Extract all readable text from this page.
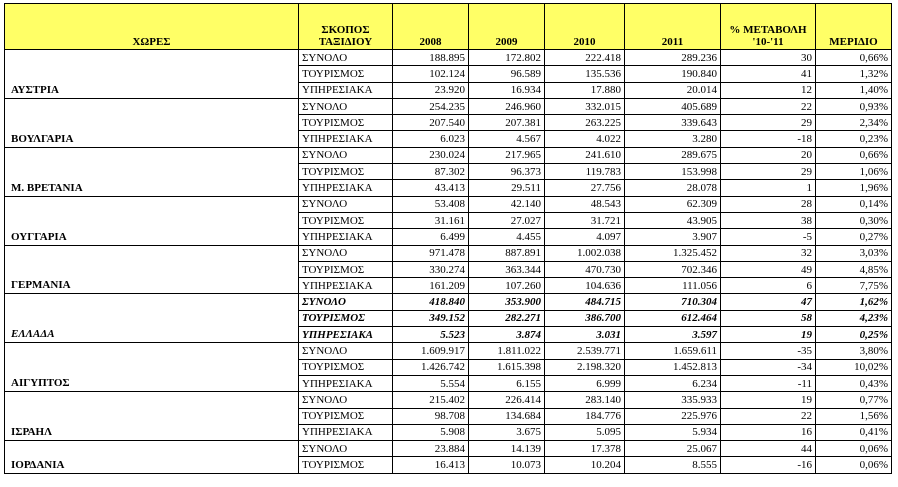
ΧΩΡΕΣ	ΣΚΟΠΟΣ ΤΑΞΙΔΙΟΥ	2008	2009	2010	2011	% ΜΕΤΑΒΟΛΗ '10-'11	ΜΕΡΙΔΙΟ
ΑΥΣΤΡΙΑ	ΣΥΝΟΛΟ	188.895	172.802	222.418	289.236	30	0,66%
	ΤΟΥΡΙΣΜΟΣ	102.124	96.589	135.536	190.840	41	1,32%
	ΥΠΗΡΕΣΙΑΚΑ	23.920	16.934	17.880	20.014	12	1,40%
ΒΟΥΛΓΑΡΙΑ	ΣΥΝΟΛΟ	254.235	246.960	332.015	405.689	22	0,93%
	ΤΟΥΡΙΣΜΟΣ	207.540	207.381	263.225	339.643	29	2,34%
	ΥΠΗΡΕΣΙΑΚΑ	6.023	4.567	4.022	3.280	-18	0,23%
Μ. ΒΡΕΤΑΝΙΑ	ΣΥΝΟΛΟ	230.024	217.965	241.610	289.675	20	0,66%
	ΤΟΥΡΙΣΜΟΣ	87.302	96.373	119.783	153.998	29	1,06%
	ΥΠΗΡΕΣΙΑΚΑ	43.413	29.511	27.756	28.078	1	1,96%
ΟΥΓΓΑΡΙΑ	ΣΥΝΟΛΟ	53.408	42.140	48.543	62.309	28	0,14%
	ΤΟΥΡΙΣΜΟΣ	31.161	27.027	31.721	43.905	38	0,30%
	ΥΠΗΡΕΣΙΑΚΑ	6.499	4.455	4.097	3.907	-5	0,27%
ΓΕΡΜΑΝΙΑ	ΣΥΝΟΛΟ	971.478	887.891	1.002.038	1.325.452	32	3,03%
	ΤΟΥΡΙΣΜΟΣ	330.274	363.344	470.730	702.346	49	4,85%
	ΥΠΗΡΕΣΙΑΚΑ	161.209	107.260	104.636	111.056	6	7,75%
ΕΛΛΑΔΑ	ΣΥΝΟΛΟ	418.840	353.900	484.715	710.304	47	1,62%
	ΤΟΥΡΙΣΜΟΣ	349.152	282.271	386.700	612.464	58	4,23%
	ΥΠΗΡΕΣΙΑΚΑ	5.523	3.874	3.031	3.597	19	0,25%
ΑΙΓΥΠΤΟΣ	ΣΥΝΟΛΟ	1.609.917	1.811.022	2.539.771	1.659.611	-35	3,80%
	ΤΟΥΡΙΣΜΟΣ	1.426.742	1.615.398	2.198.320	1.452.813	-34	10,02%
	ΥΠΗΡΕΣΙΑΚΑ	5.554	6.155	6.999	6.234	-11	0,43%
ΙΣΡΑΗΛ	ΣΥΝΟΛΟ	215.402	226.414	283.140	335.933	19	0,77%
	ΤΟΥΡΙΣΜΟΣ	98.708	134.684	184.776	225.976	22	1,56%
	ΥΠΗΡΕΣΙΑΚΑ	5.908	3.675	5.095	5.934	16	0,41%
ΙΟΡΔΑΝΙΑ	ΣΥΝΟΛΟ	23.884	14.139	17.378	25.067	44	0,06%
	ΤΟΥΡΙΣΜΟΣ	16.413	10.073	10.204	8.555	-16	0,06%
